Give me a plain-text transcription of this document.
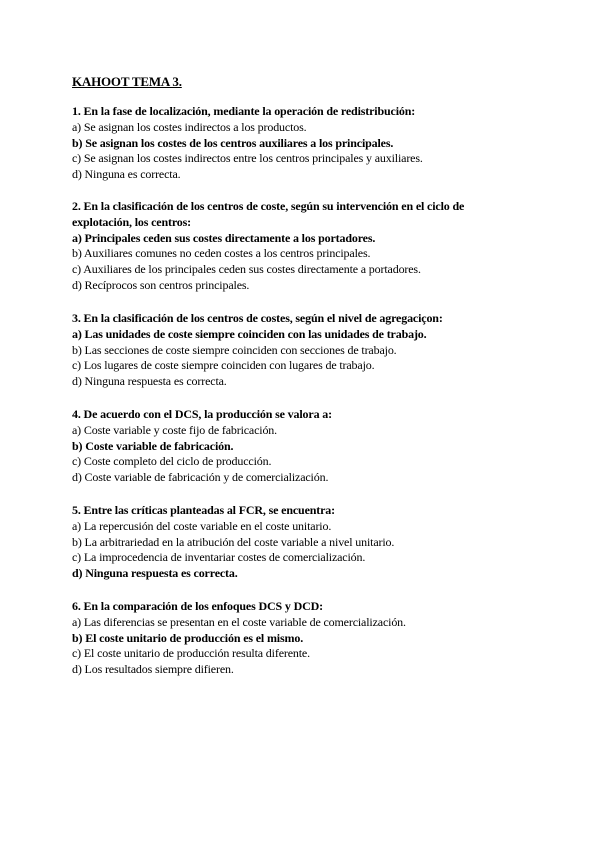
KAHOOT TEMA 3.
1. En la fase de localización, mediante la operación de redistribución:
a) Se asignan los costes indirectos a los productos.
b) Se asignan los costes de los centros auxiliares a los principales.
c) Se asignan los costes indirectos entre los centros principales y auxiliares.
d) Ninguna es correcta.
2. En la clasificación de los centros de coste, según su intervención en el ciclo de explotación, los centros:
a) Principales ceden sus costes directamente a los portadores.
b) Auxiliares comunes no ceden costes a los centros principales.
c) Auxiliares de los principales ceden sus costes directamente a portadores.
d) Recíprocos son centros principales.
3. En la clasificación de los centros de costes, según el nivel de agregaciçon:
a) Las unidades de coste siempre coinciden con las unidades de trabajo.
b) Las secciones de coste siempre coinciden con secciones de trabajo.
c) Los lugares de coste siempre coinciden con lugares de trabajo.
d) Ninguna respuesta es correcta.
4. De acuerdo con el DCS, la producción se valora a:
a) Coste variable y coste fijo de fabricación.
b) Coste variable de fabricación.
c) Coste completo del ciclo de producción.
d) Coste variable de fabricación y de comercialización.
5. Entre las críticas planteadas al FCR, se encuentra:
a) La repercusión del coste variable en el coste unitario.
b) La arbitrariedad en la atribución del coste variable a nivel unitario.
c) La improcedencia de inventariar costes de comercialización.
d) Ninguna respuesta es correcta.
6. En la comparación de los enfoques DCS y DCD:
a) Las diferencias se presentan en el coste variable de comercialización.
b) El coste unitario de producción es el mismo.
c) El coste unitario de producción resulta diferente.
d) Los resultados siempre difieren.
